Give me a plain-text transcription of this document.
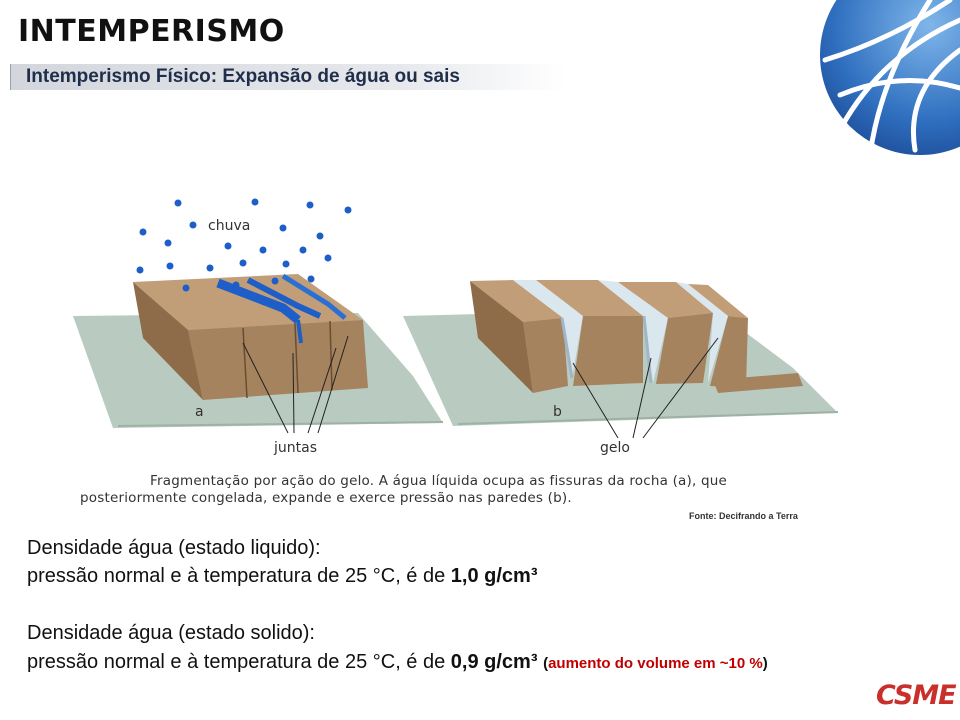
INTEMPERISMO
Intemperismo Físico: Expansão de água ou sais
chuva
a	b
juntas	gelo
Fragmentação por ação do gelo. A água líquida ocupa as fissuras da rocha (a), que
posteriormente congelada, expande e exerce pressão nas paredes (b).
Fonte: Decifrando a Terra
Densidade água (estado liquido):
pressão normal e à temperatura de 25 °C, é de 1,0 g/cm³
Densidade água (estado solido):
pressão normal e à temperatura de 25 °C, é de 0,9 g/cm³ (aumento do volume em ~10 %)
CSME
